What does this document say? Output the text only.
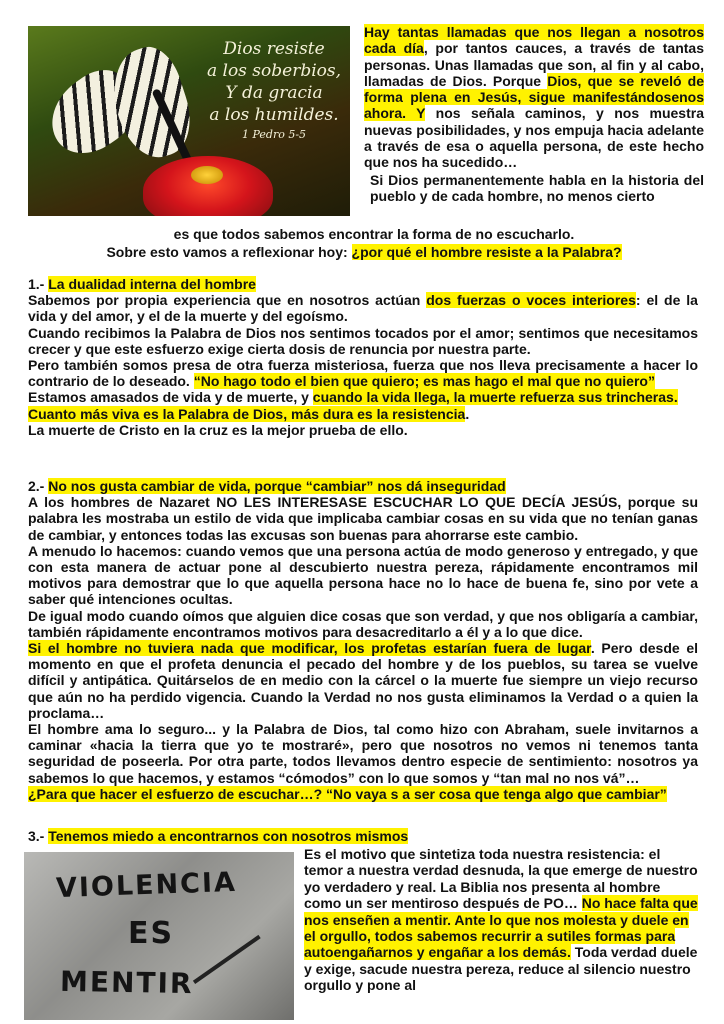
Dios resiste
a los soberbios,
Y da gracia
a los humildes.
1 Pedro 5-5
Hay tantas llamadas que nos llegan a nosotros cada día, por tantos cauces, a través de tantas personas. Unas llamadas que son, al fin y al cabo, llamadas de Dios. Porque Dios, que se reveló de forma plena en Jesús, sigue manifestándosenos ahora. Y nos señala caminos, y nos muestra nuevas posibilidades, y nos empuja hacia adelante a través de esa o aquella persona, de este hecho que nos ha sucedido…
Si Dios permanentemente habla en la historia del pueblo y de cada hombre, no menos cierto
es que todos sabemos encontrar la forma de no escucharlo.
Sobre esto vamos a reflexionar hoy: ¿por qué el hombre resiste a la Palabra?
1.- La dualidad interna del hombre
Sabemos por propia experiencia que en nosotros actúan dos fuerzas o voces interiores: el de la vida y del amor, y el de la muerte y del egoísmo.
Cuando recibimos la Palabra de Dios nos sentimos tocados por el amor; sentimos que necesitamos crecer y que este esfuerzo exige cierta dosis de renuncia por nuestra parte.
Pero también somos presa de otra fuerza misteriosa, fuerza que nos lleva precisamente a hacer lo contrario de lo deseado. “No hago todo el bien que quiero; es mas hago el mal que no quiero”
Estamos amasados de vida y de muerte, y cuando la vida llega, la muerte refuerza sus trincheras.
Cuanto más viva es la Palabra de Dios, más dura es la resistencia.
La muerte de Cristo en la cruz es la mejor prueba de ello.
2.- No nos gusta cambiar de vida, porque “cambiar” nos dá inseguridad
A los hombres de Nazaret NO LES INTERESASE ESCUCHAR LO QUE DECÍA JESÚS, porque su palabra les mostraba un estilo de vida que implicaba cambiar cosas en su vida que no tenían ganas de cambiar, y entonces todas las excusas son buenas para ahorrarse este cambio.
A menudo lo hacemos: cuando vemos que una persona actúa de modo generoso y entregado, y que con esta manera de actuar pone al descubierto nuestra pereza, rápidamente encontramos mil motivos para demostrar que lo que aquella persona hace no lo hace de buena fe, sino por vete a saber qué intenciones ocultas.
De igual modo cuando oímos que alguien dice cosas que son verdad, y que nos obligaría a cambiar, también rápidamente encontramos motivos para desacreditarlo a él y a lo que dice.
Si el hombre no tuviera nada que modificar, los profetas estarían fuera de lugar. Pero desde el momento en que el profeta denuncia el pecado del hombre y de los pueblos, su tarea se vuelve difícil y antipática. Quitárselos de en medio con la cárcel o la muerte fue siempre un viejo recurso que aún no ha perdido vigencia. Cuando la Verdad no nos gusta eliminamos la Verdad o a quien la proclama…
El hombre ama lo seguro... y la Palabra de Dios, tal como hizo con Abraham, suele invitarnos a caminar «hacia la tierra que yo te mostraré», pero que nosotros no vemos ni tenemos tanta seguridad de poseerla. Por otra parte, todos llevamos dentro especie de sentimiento: nosotros ya sabemos lo que hacemos, y estamos “cómodos” con lo que somos y “tan mal no nos vá”…
¿Para que hacer el esfuerzo de escuchar…? “No vaya s a ser cosa que tenga algo que cambiar”
3.- Tenemos miedo a encontrarnos con nosotros mismos
VIOLENCIA
ES
MENTIR
Es el motivo que sintetiza toda nuestra resistencia: el temor a nuestra verdad desnuda, la que emerge de nuestro yo verdadero y real. La Biblia nos presenta al hombre como un ser mentiroso después de PO… No hace falta que nos enseñen a mentir. Ante lo que nos molesta y duele en el orgullo, todos sabemos recurrir a sutiles formas para autoengañarnos y engañar a los demás. Toda verdad duele y exige, sacude nuestra pereza, reduce al silencio nuestro orgullo y pone al
